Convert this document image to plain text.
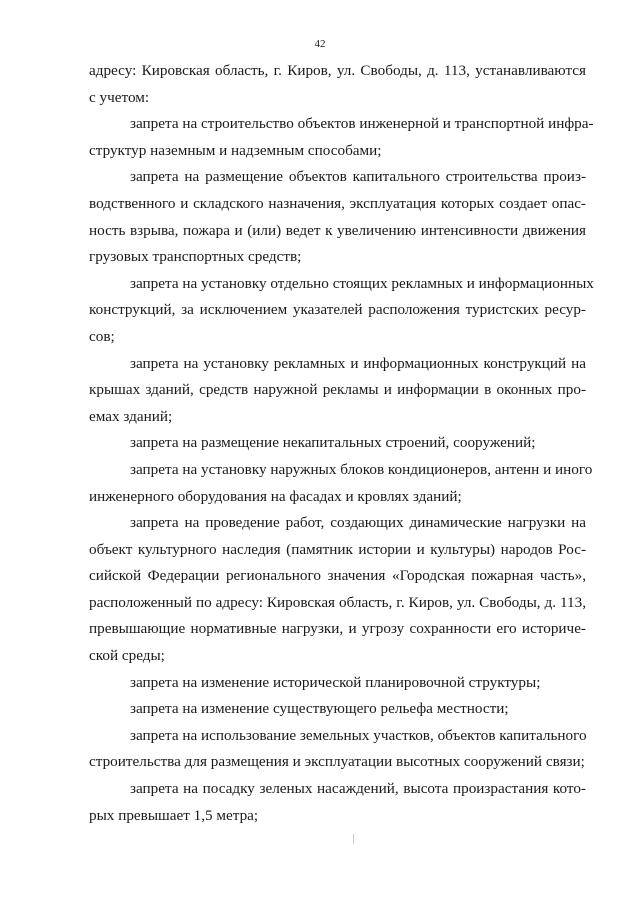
42
адресу: Кировская область, г. Киров, ул. Свободы, д. 113, устанавливаются
с учетом:
запрета на строительство объектов инженерной и транспортной инфра-
структур наземным и надземным способами;
запрета на размещение объектов капитального строительства произ-
водственного и складского назначения, эксплуатация которых создает опас-
ность взрыва, пожара и (или) ведет к увеличению интенсивности движения
грузовых транспортных средств;
запрета на установку отдельно стоящих рекламных и информационных
конструкций, за исключением указателей расположения туристских ресур-
сов;
запрета на установку рекламных и информационных конструкций на
крышах зданий, средств наружной рекламы и информации в оконных про-
емах зданий;
запрета на размещение некапитальных строений, сооружений;
запрета на установку наружных блоков кондиционеров, антенн и иного
инженерного оборудования на фасадах и кровлях зданий;
запрета на проведение работ, создающих динамические нагрузки на
объект культурного наследия (памятник истории и культуры) народов Рос-
сийской Федерации регионального значения «Городская пожарная часть»,
расположенный по адресу: Кировская область, г. Киров, ул. Свободы, д. 113,
превышающие нормативные нагрузки, и угрозу сохранности его историче-
ской среды;
запрета на изменение исторической планировочной структуры;
запрета на изменение существующего рельефа местности;
запрета на использование земельных участков, объектов капитального
строительства для размещения и эксплуатации высотных сооружений связи;
запрета на посадку зеленых насаждений, высота произрастания кото-
рых превышает 1,5 метра;
